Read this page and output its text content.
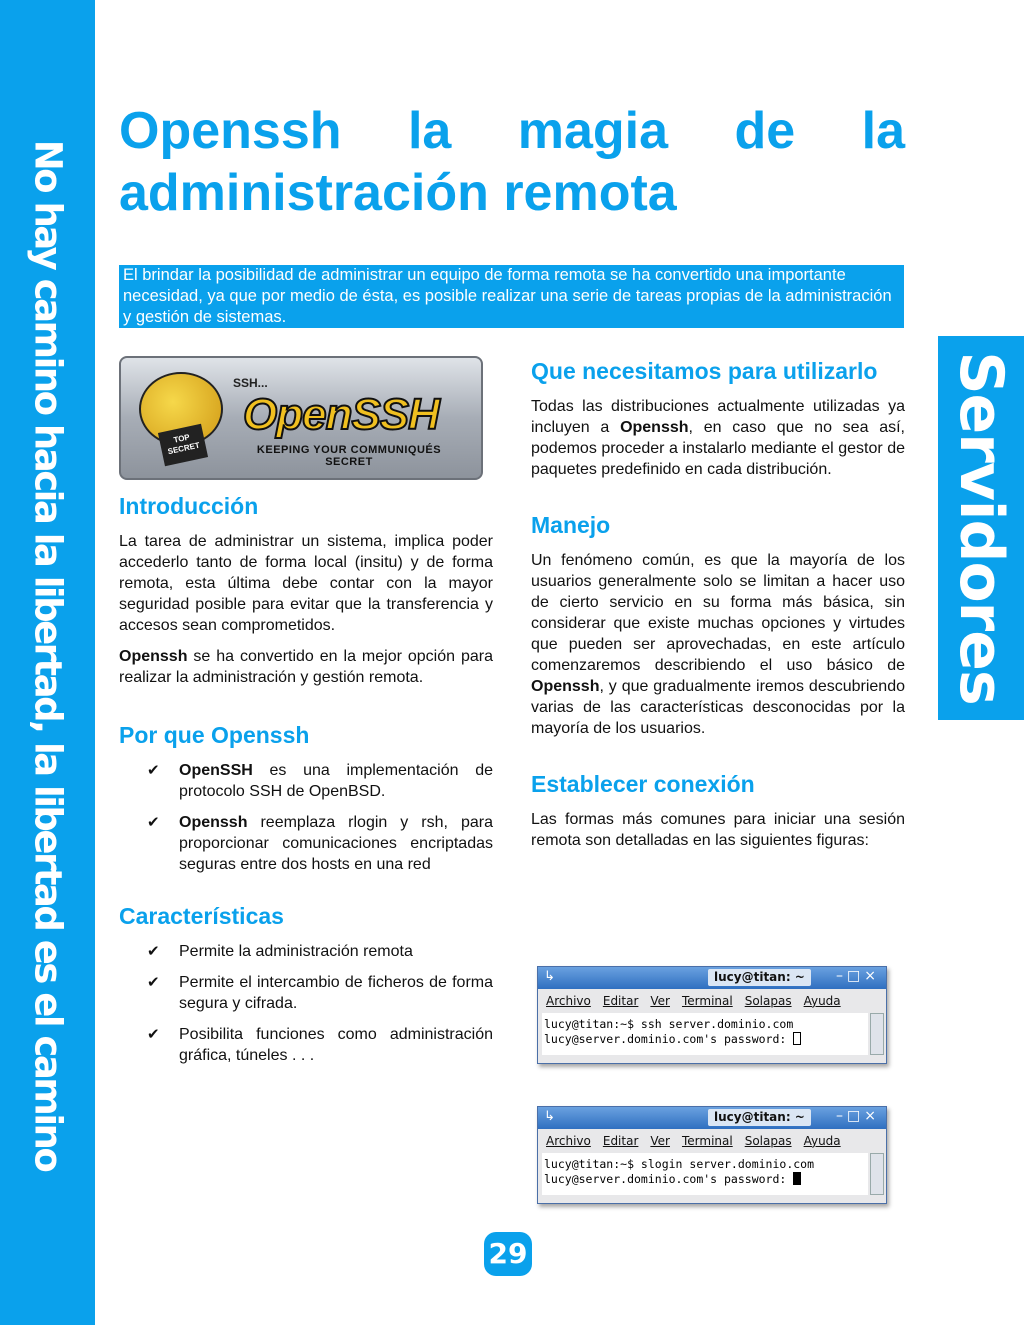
No hay camino hacia la libertad, la libertad es el camino	Servidores
Openssh la magia de la administración remota
El brindar la posibilidad de administrar un equipo de forma remota se ha convertido una importante necesidad, ya que por medio de ésta, es posible realizar una serie de tareas propias de la administración y gestión de sistemas.
TOP SECRET
SSH...
OpenSSH
KEEPING YOUR COMMUNIQUÉS SECRET
Introducción

La tarea de administrar un sistema, implica poder accederlo tanto de forma local (insitu) y de forma remota, esta última debe contar con la mayor seguridad posible para evitar que la transferencia y accesos sean comprometidos.

Openssh se ha convertido en la mejor opción para realizar la administración y gestión remota.

Por que Openssh
✔ OpenSSH es una implementación de protocolo SSH de OpenBSD.
✔ Openssh reemplaza rlogin y rsh, para proporcionar comunicaciones encriptadas seguras entre dos hosts en una red
Características
✔ Permite la administración remota
✔ Permite el intercambio de ficheros de forma segura y cifrada.
✔ Posibilita funciones como administración gráfica, túneles . . .
Que necesitamos para utilizarlo

Todas las distribuciones actualmente utilizadas ya incluyen a Openssh, en caso que no sea así, podemos proceder a instalarlo mediante el gestor de paquetes predefinido en cada distribución.

Manejo

Un fenómeno común, es que la mayoría de los usuarios generalmente solo se limitan a hacer uso de cierto servicio en su forma más básica, sin considerar que existe muchas opciones y virtudes que pueden ser aprovechadas, en este artículo comenzaremos describiendo el uso básico de Openssh, y que gradualmente iremos descubriendo varias de las características desconocidas por la mayoría de los usuarios.

Establecer conexión

Las formas más comunes para iniciar una sesión remota son detalladas en las siguientes figuras:

↳	lucy@titan: ~	–□×
Archivo Editar Ver Terminal Solapas Ayuda
lucy@titan:~$ ssh server.dominio.com
lucy@server.dominio.com's password:
↳	lucy@titan: ~	–□×
Archivo Editar Ver Terminal Solapas Ayuda
lucy@titan:~$ slogin server.dominio.com
lucy@server.dominio.com's password:
29
